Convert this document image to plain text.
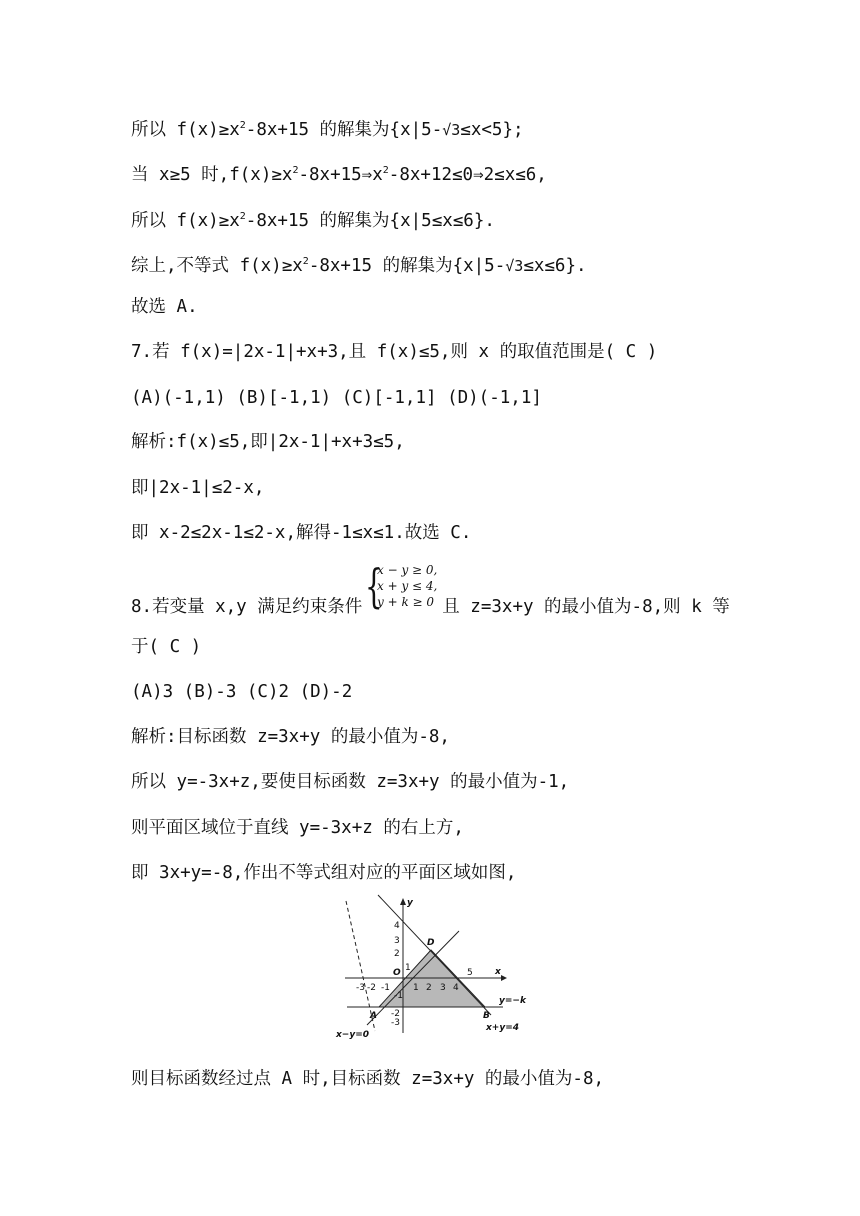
所以 $f(x)\ge x^2-8x+15$ 的解集为{x|5-√3≤x<5};
当 x≥5 时$,f(x)\ge x^2-8x+15\Rightarrow x^2-8x+12\le 0\Rightarrow 2\le x\le 6$,
所以 $f(x)\ge x^2-8x+15$ 的解集为{x|5≤x≤6}.
综上,不等式 $f(x)\ge x^2-8x+15$ 的解集为{x|5-√3≤x≤6}.
故选 A.
7.若 f(x)=|2x-1|+x+3,且 f(x)≤5,则 x 的取值范围是( C )
(A)(-1,1) (B)[-1,1) (C)[-1,1] (D)(-1,1]
解析:f(x)≤5,即|2x-1|+x+3≤5,
即|2x-1|≤2-x,
即 x-2≤2x-1≤2-x,解得-1≤x≤1.故选 C.
8.若变量 x,y 满足约束条件	且 z=3x+y 的最小值为-8,则 k 等
{
x − y ≥ 0,
x + y ≤ 4,
y + k ≥ 0
于( C )
(A)3 (B)-3 (C)2 (D)-2
解析:目标函数 z=3x+y 的最小值为-8,
所以 y=-3x+z,要使目标函数 z=3x+y 的最小值为-1,
则平面区域位于直线 y=-3x+z 的右上方,
即 3x+y=-8,作出不等式组对应的平面区域如图,
x
y
O
-3 -2 -1	1 2 3 4
5
4
3
2
1
-1
-2
-3
A	B
D
x−y=0
x+y=4
y=−k
则目标函数经过点 A 时,目标函数 z=3x+y 的最小值为-8,
